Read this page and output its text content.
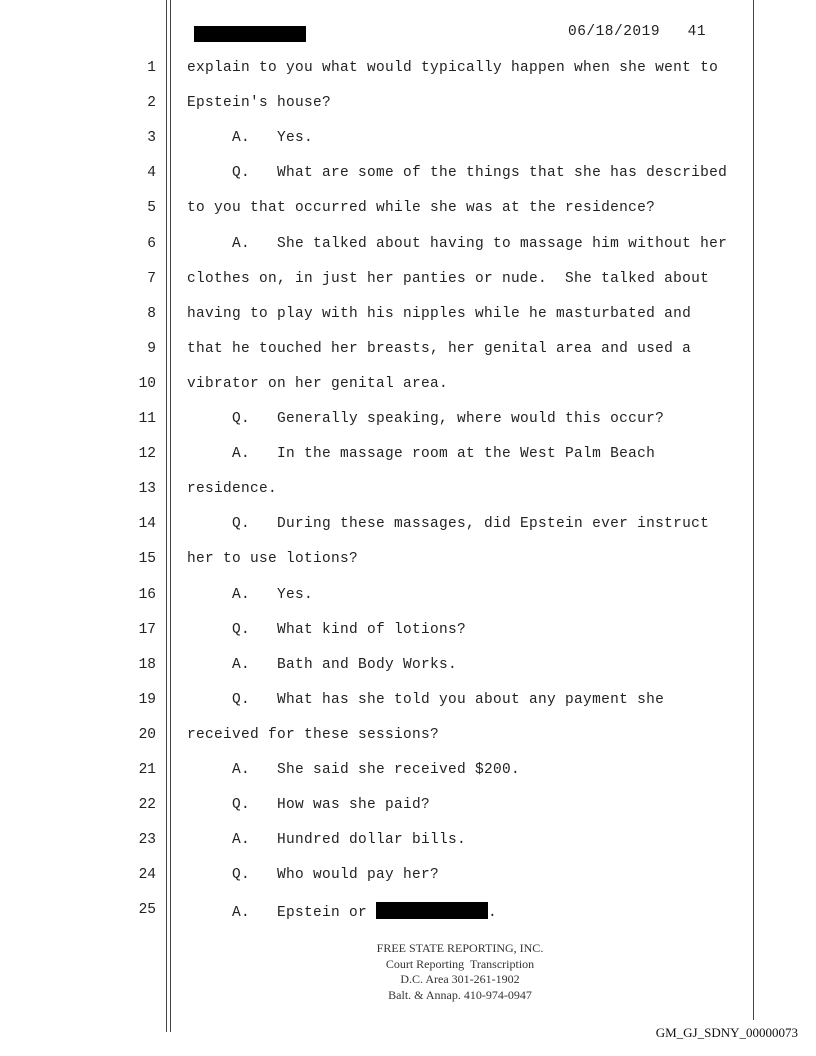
06/18/2019   41
1 explain to you what would typically happen when she went to
2 Epstein's house?
3 A.   Yes.
4 Q.   What are some of the things that she has described
5 to you that occurred while she was at the residence?
6 A.   She talked about having to massage him without her
7 clothes on, in just her panties or nude.  She talked about
8 having to play with his nipples while he masturbated and
9 that he touched her breasts, her genital area and used a
10 vibrator on her genital area.
11 Q.   Generally speaking, where would this occur?
12 A.   In the massage room at the West Palm Beach
13 residence.
14 Q.   During these massages, did Epstein ever instruct
15 her to use lotions?
16 A.   Yes.
17 Q.   What kind of lotions?
18 A.   Bath and Body Works.
19 Q.   What has she told you about any payment she
20 received for these sessions?
21 A.   She said she received $200.
22 Q.   How was she paid?
23 A.   Hundred dollar bills.
24 Q.   Who would pay her?
25 A.   Epstein or	.
FREE STATE REPORTING, INC.
Court Reporting  Transcription
D.C. Area 301-261-1902
Balt. & Annap. 410-974-0947
GM_GJ_SDNY_00000073
